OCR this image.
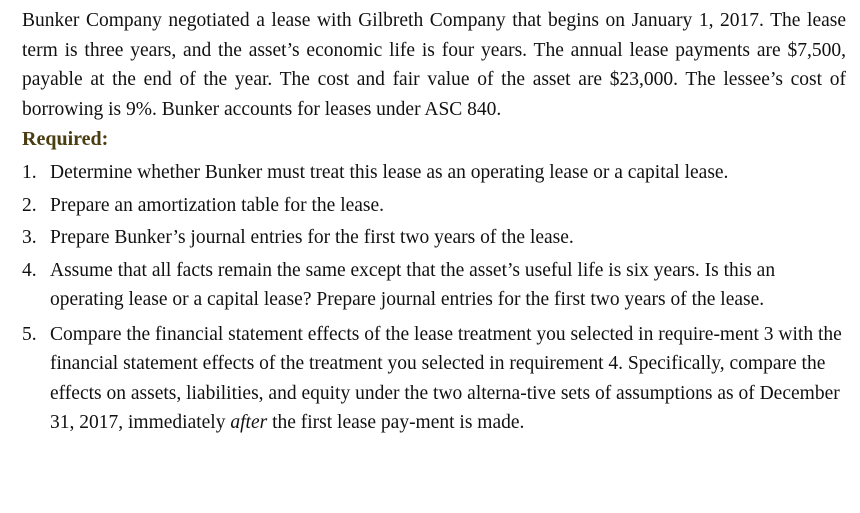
Bunker Company negotiated a lease with Gilbreth Company that begins on January 1, 2017. The lease term is three years, and the asset’s economic life is four years. The annual lease payments are $7,500, payable at the end of the year. The cost and fair value of the asset are $23,000. The lessee’s cost of borrowing is 9%. Bunker accounts for leases under ASC 840.

Required:
1. Determine whether Bunker must treat this lease as an operating lease or a capital lease.
2. Prepare an amortization table for the lease.
3. Prepare Bunker’s journal entries for the first two years of the lease.
4. Assume that all facts remain the same except that the asset’s useful life is six years. Is this an operating lease or a capital lease? Prepare journal entries for the first two years of the lease.
5. Compare the financial statement effects of the lease treatment you selected in require-ment 3 with the financial statement effects of the treatment you selected in requirement 4. Specifically, compare the effects on assets, liabilities, and equity under the two alterna-tive sets of assumptions as of December 31, 2017, immediately after the first lease pay-ment is made.
